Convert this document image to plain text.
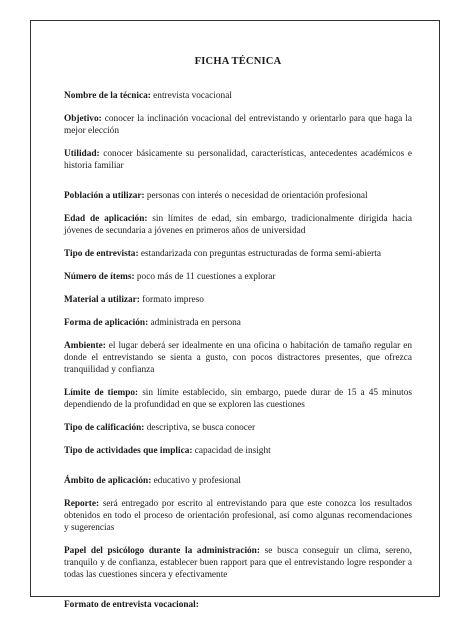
FICHA TÉCNICA
Nombre de la técnica: entrevista vocacional
Objetivo: conocer la inclinación vocacional del entrevistando y orientarlo para que haga la mejor elección
Utilidad: conocer básicamente su personalidad, características, antecedentes académicos e historia familiar
Población a utilizar: personas con interés o necesidad de orientación profesional
Edad de aplicación: sin límites de edad, sin embargo, tradicionalmente dirigida hacia jóvenes de secundaria a jóvenes en primeros años de universidad
Tipo de entrevista: estandarizada con preguntas estructuradas de forma semi-abierta
Número de ítems: poco más de 11 cuestiones a explorar
Material a utilizar: formato impreso
Forma de aplicación: administrada en persona
Ambiente: el lugar deberá ser idealmente en una oficina o habitación de tamaño regular en donde el entrevistando se sienta a gusto, con pocos distractores presentes, que ofrezca tranquilidad y confianza
Límite de tiempo: sin límite establecido, sin embargo, puede durar de 15 a 45 minutos dependiendo de la profundidad en que se exploren las cuestiones
Tipo de calificación: descriptiva, se busca conocer
Tipo de actividades que implica: capacidad de insight
Ámbito de aplicación: educativo y profesional
Reporte: será entregado por escrito al entrevistando para que este conozca los resultados obtenidos en todo el proceso de orientación profesional, así como algunas recomendaciones y sugerencias
Papel del psicólogo durante la administración: se busca conseguir un clima, sereno, tranquilo y de confianza, establecer buen rapport para que el entrevistando logre responder a todas las cuestiones sincera y efectivamente
Formato de entrevista vocacional:
